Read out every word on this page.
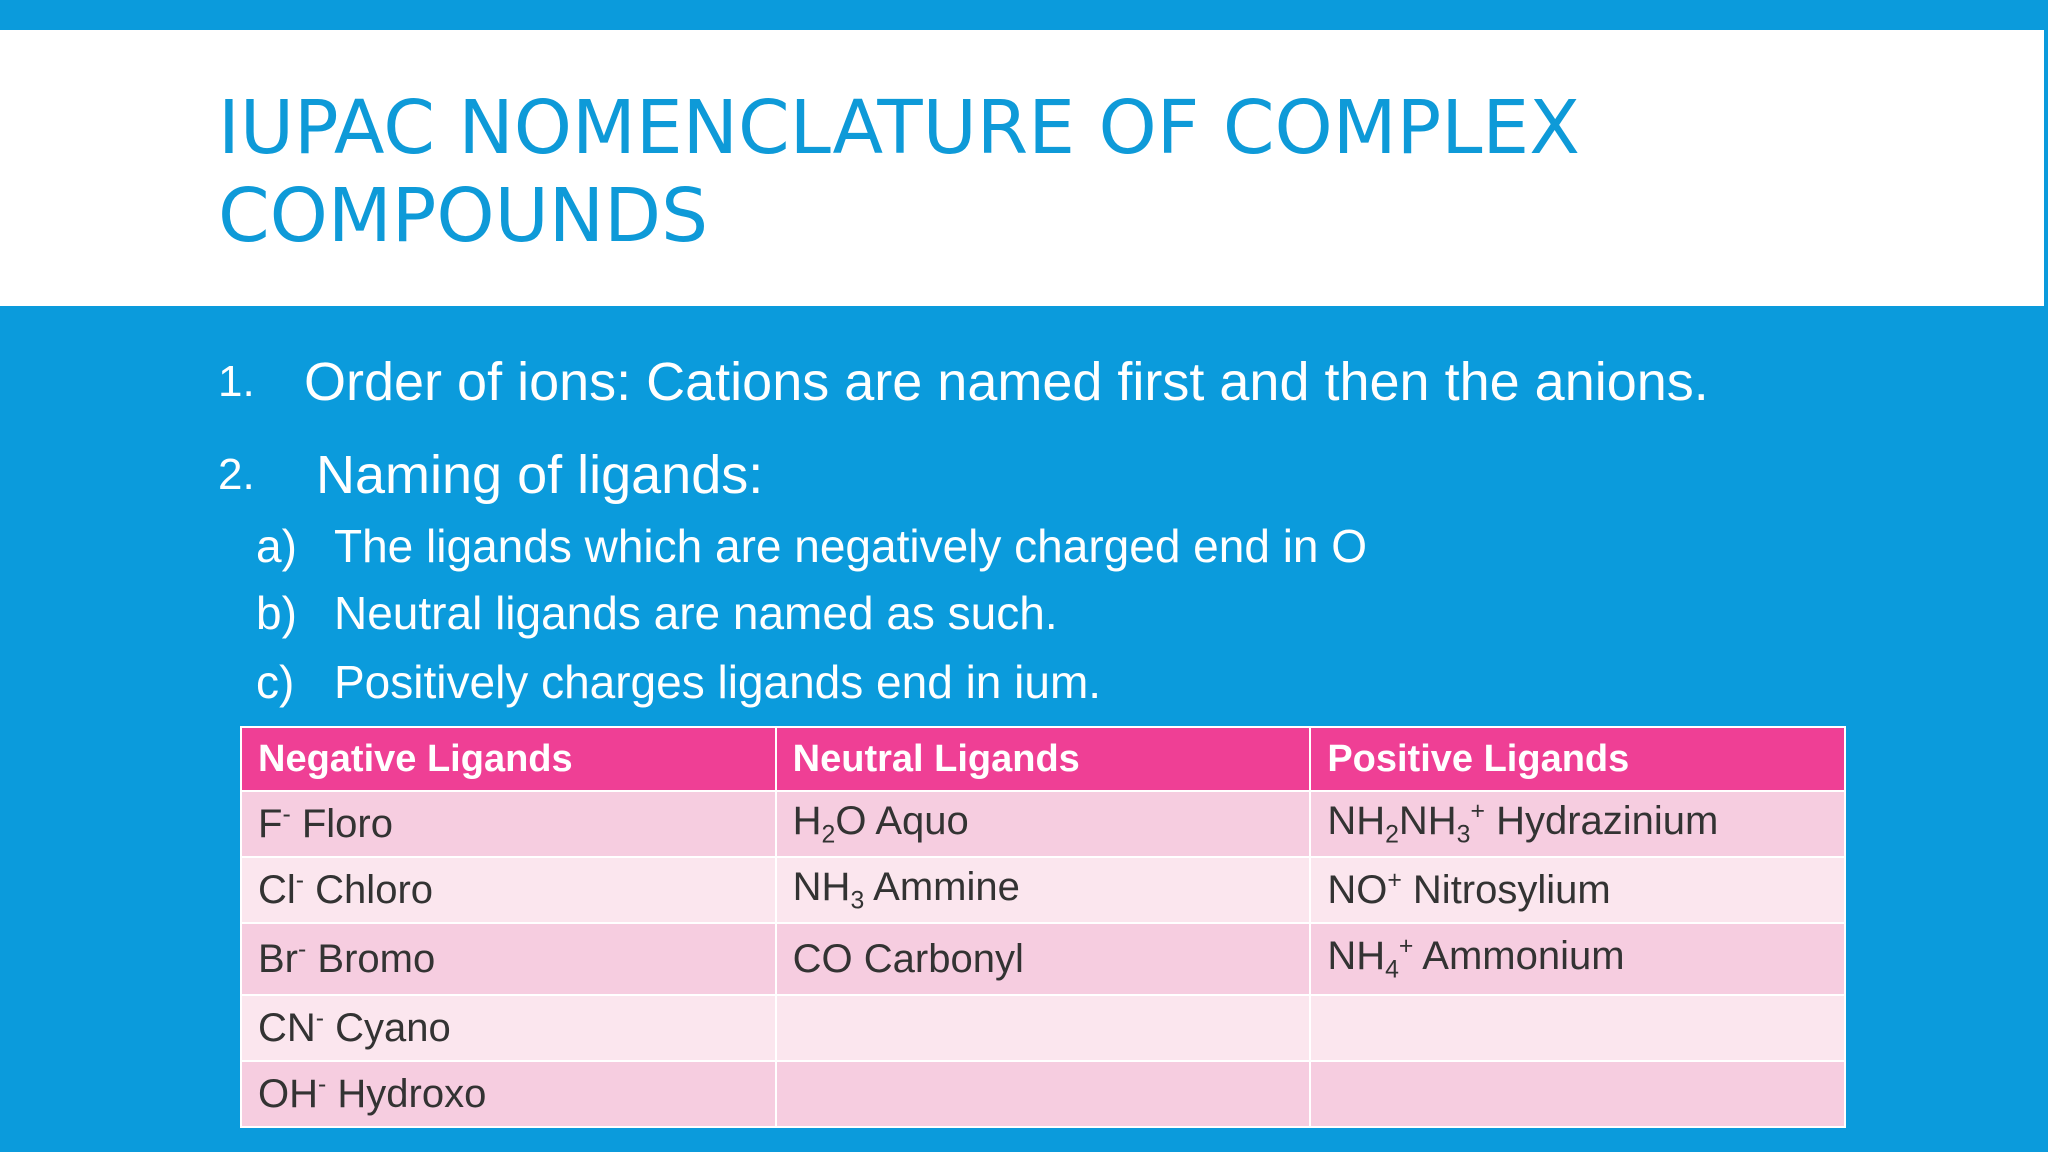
IUPAC NOMENCLATURE OF COMPLEX COMPOUNDS
1. Order of ions: Cations are named first and then the anions.
2. Naming of ligands:
a) The ligands which are negatively charged end in O
b) Neutral ligands are named as such.
c) Positively charges ligands end in ium.
Negative Ligands	Neutral Ligands	Positive Ligands
F- Floro	$H_2O$ Aquo	$NH_2NH_3^+$ Hydrazinium
Cl- Chloro	$NH_3$ Ammine	NO+ Nitrosylium
Br- Bromo	CO Carbonyl	$NH_4^+$ Ammonium
CN- Cyano		
OH- Hydroxo		
